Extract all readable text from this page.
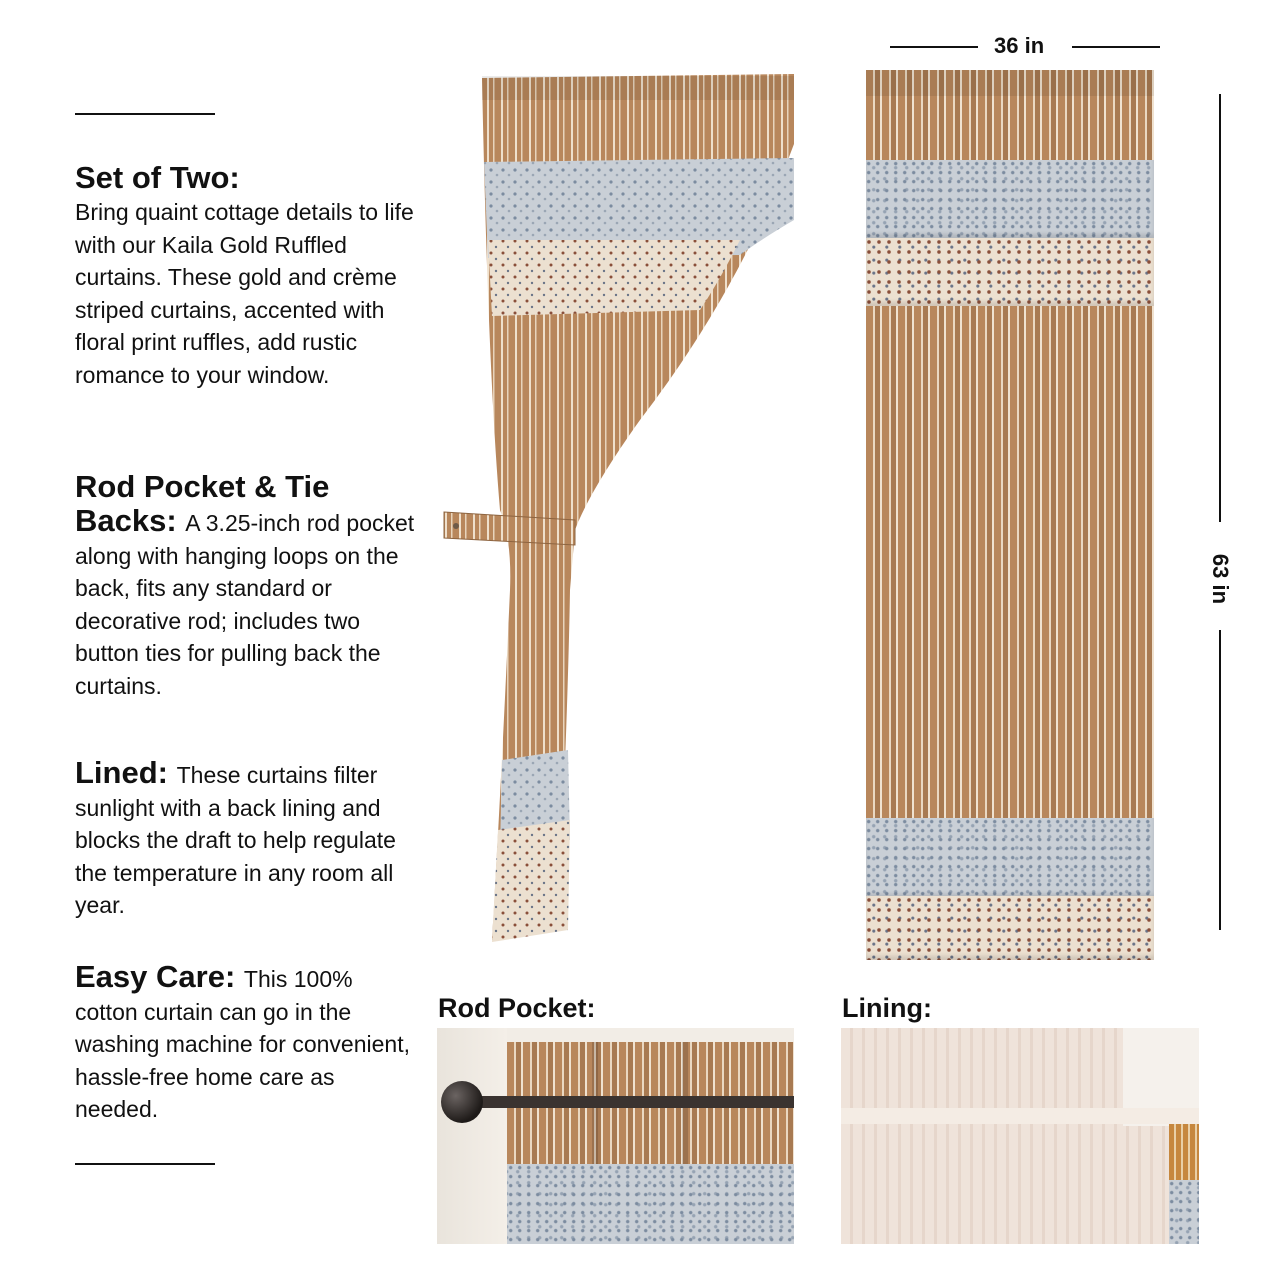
Set of Two:
Bring quaint cottage details to life with our Kaila Gold Ruffled curtains. These gold and crème striped curtains, accented with floral print ruffles, add rustic romance to your window.
Rod Pocket & Tie
Backs: A 3.25-inch rod pocket along with hanging loops on the back, fits any standard or decorative rod; includes two button ties for pulling back the curtains.
Lined: These curtains filter sunlight with a back lining and blocks the draft to help regulate the temperature in any room all year.
Easy Care: This 100% cotton curtain can go in the washing machine for convenient, hassle-free home care as needed.
36 in
63 in
Rod Pocket:	Lining:
